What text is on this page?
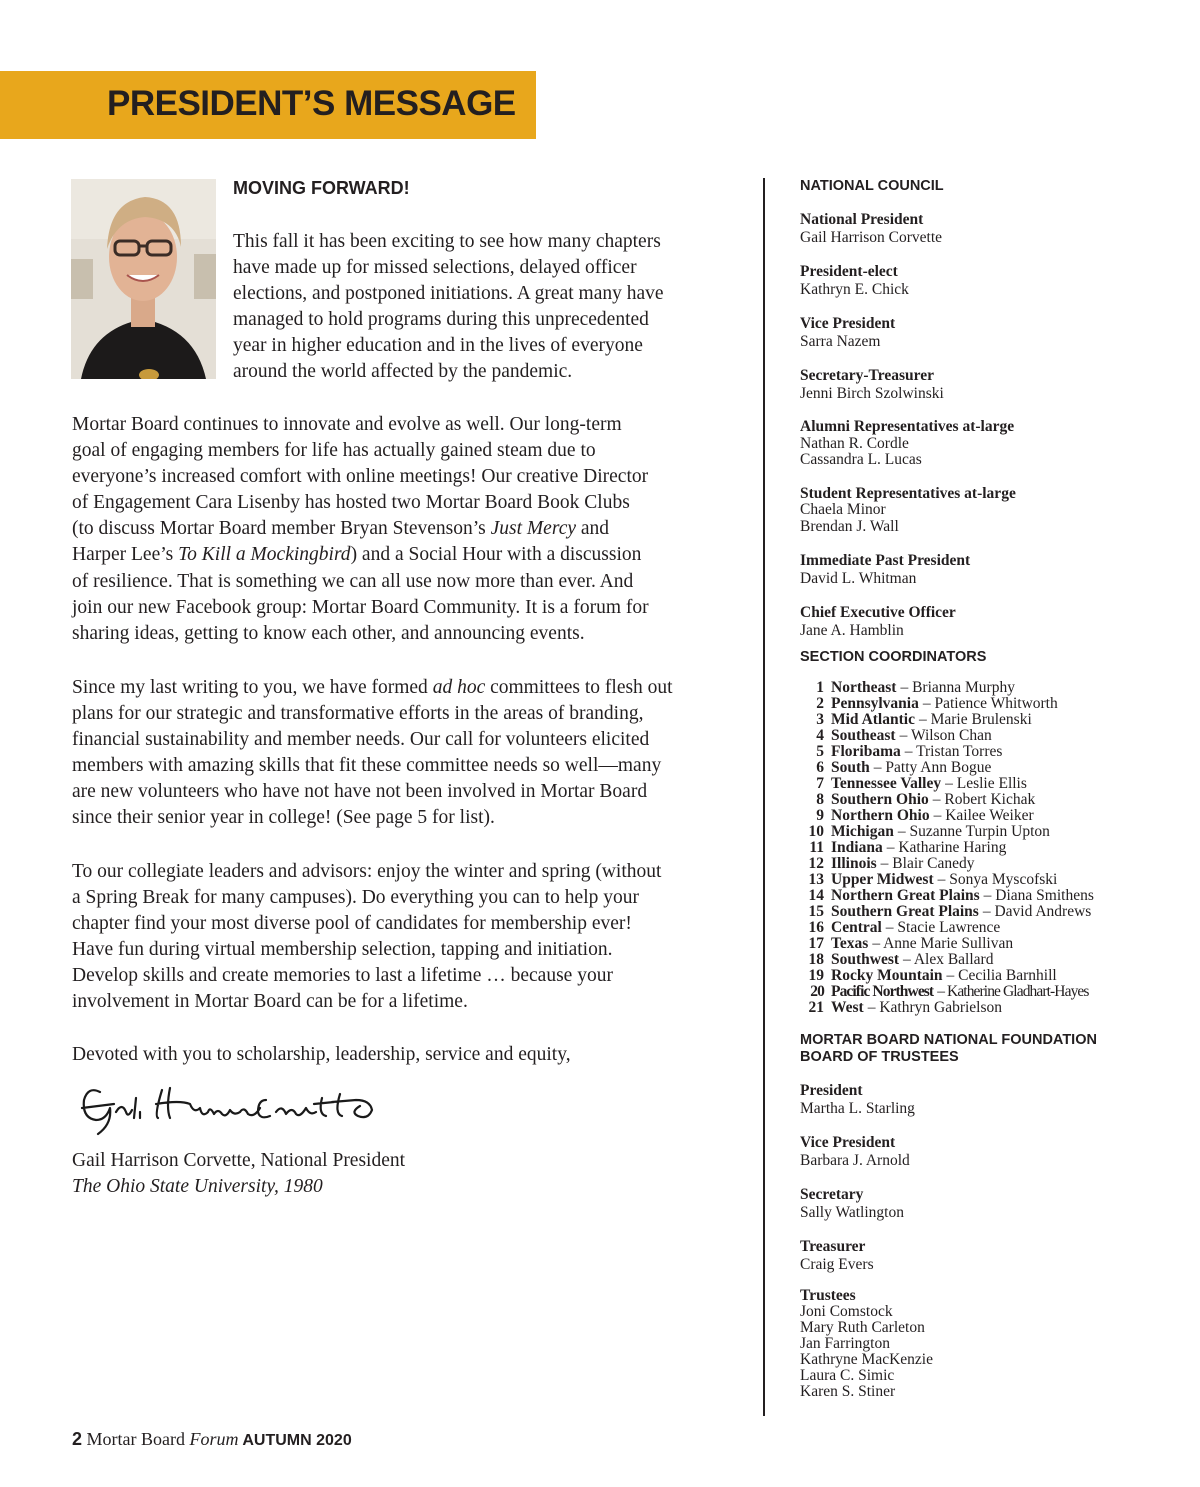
PRESIDENT’S MESSAGE
MOVING FORWARD!
This fall it has been exciting to see how many chapters
have made up for missed selections, delayed officer
elections, and postponed initiations. A great many have
managed to hold programs during this unprecedented
year in higher education and in the lives of everyone
around the world affected by the pandemic.
Mortar Board continues to innovate and evolve as well. Our long-term
goal of engaging members for life has actually gained steam due to
everyone’s increased comfort with online meetings! Our creative Director
of Engagement Cara Lisenby has hosted two Mortar Board Book Clubs
(to discuss Mortar Board member Bryan Stevenson’s Just Mercy and
Harper Lee’s To Kill a Mockingbird) and a Social Hour with a discussion
of resilience. That is something we can all use now more than ever. And
join our new Facebook group: Mortar Board Community. It is a forum for
sharing ideas, getting to know each other, and announcing events.
Since my last writing to you, we have formed ad hoc committees to flesh out
plans for our strategic and transformative efforts in the areas of branding,
financial sustainability and member needs. Our call for volunteers elicited
members with amazing skills that fit these committee needs so well—many
are new volunteers who have not have not been involved in Mortar Board
since their senior year in college! (See page 5 for list).
To our collegiate leaders and advisors: enjoy the winter and spring (without
a Spring Break for many campuses). Do everything you can to help your
chapter find your most diverse pool of candidates for membership ever!
Have fun during virtual membership selection, tapping and initiation.
Develop skills and create memories to last a lifetime … because your
involvement in Mortar Board can be for a lifetime.
Devoted with you to scholarship, leadership, service and equity,
Gail Harrison Corvette, National President
The Ohio State University, 1980
2 Mortar Board Forum AUTUMN 2020
NATIONAL COUNCIL
National President
Gail Harrison Corvette
President-elect
Kathryn E. Chick
Vice President
Sarra Nazem
Secretary-Treasurer
Jenni Birch Szolwinski
Alumni Representatives at-large
Nathan R. Cordle
Cassandra L. Lucas
Student Representatives at-large
Chaela Minor
Brendan J. Wall
Immediate Past President
David L. Whitman
Chief Executive Officer
Jane A. Hamblin
SECTION COORDINATORS
1 Northeast – Brianna Murphy
2 Pennsylvania – Patience Whitworth
3 Mid Atlantic – Marie Brulenski
4 Southeast – Wilson Chan
5 Floribama – Tristan Torres
6 South – Patty Ann Bogue
7 Tennessee Valley – Leslie Ellis
8 Southern Ohio – Robert Kichak
9 Northern Ohio – Kailee Weiker
10 Michigan – Suzanne Turpin Upton
11 Indiana – Katharine Haring
12 Illinois – Blair Canedy
13 Upper Midwest – Sonya Myscofski
14 Northern Great Plains – Diana Smithens
15 Southern Great Plains – David Andrews
16 Central – Stacie Lawrence
17 Texas – Anne Marie Sullivan
18 Southwest – Alex Ballard
19 Rocky Mountain – Cecilia Barnhill
20 Pacific Northwest – Katherine Gladhart-Hayes
21 West – Kathryn Gabrielson
MORTAR BOARD NATIONAL FOUNDATION BOARD OF TRUSTEES
President
Martha L. Starling
Vice President
Barbara J. Arnold
Secretary
Sally Watlington
Treasurer
Craig Evers
Trustees
Joni Comstock
Mary Ruth Carleton
Jan Farrington
Kathryne MacKenzie
Laura C. Simic
Karen S. Stiner
